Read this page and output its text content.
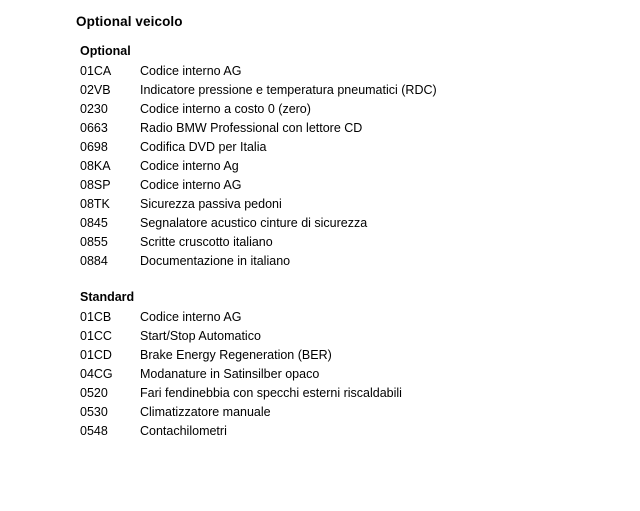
Optional veicolo
Optional
01CA	Codice interno AG
02VB	Indicatore pressione e temperatura pneumatici (RDC)
0230	Codice interno a costo 0 (zero)
0663	Radio BMW Professional con lettore CD
0698	Codifica DVD per Italia
08KA	Codice interno Ag
08SP	Codice interno AG
08TK	Sicurezza passiva pedoni
0845	Segnalatore acustico cinture di sicurezza
0855	Scritte cruscotto italiano
0884	Documentazione in italiano
Standard
01CB	Codice interno AG
01CC	Start/Stop Automatico
01CD	Brake Energy Regeneration (BER)
04CG	Modanature in Satinsilber opaco
0520	Fari fendinebbia con specchi esterni riscaldabili
0530	Climatizzatore manuale
0548	Contachilometri
